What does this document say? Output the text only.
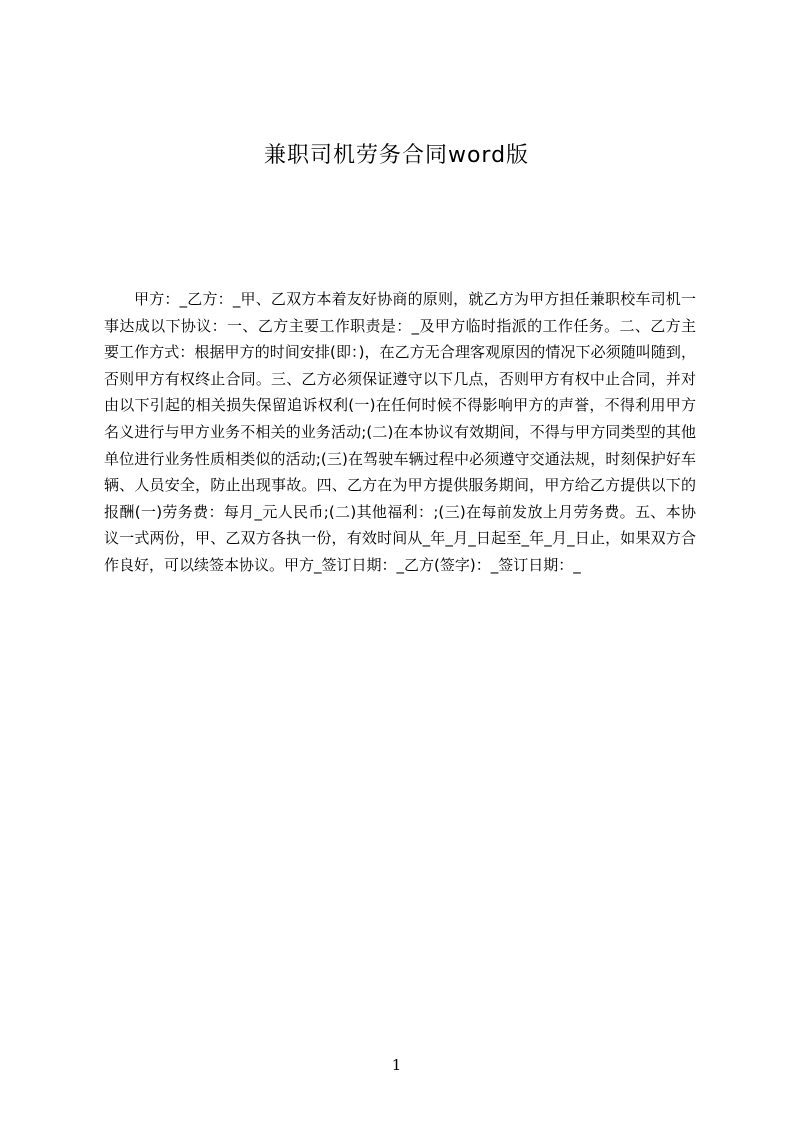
兼职司机劳务合同word版

甲方：_乙方：_甲、乙双方本着友好协商的原则，就乙方为甲方担任兼职校车司机一事达成以下协议：一、乙方主要工作职责是：_及甲方临时指派的工作任务。二、乙方主要工作方式：根据甲方的时间安排(即：)，在乙方无合理客观原因的情况下必须随叫随到，否则甲方有权终止合同。三、乙方必须保证遵守以下几点，否则甲方有权中止合同，并对由以下引起的相关损失保留追诉权利(一)在任何时候不得影响甲方的声誉，不得利用甲方名义进行与甲方业务不相关的业务活动;(二)在本协议有效期间，不得与甲方同类型的其他单位进行业务性质相类似的活动;(三)在驾驶车辆过程中必须遵守交通法规，时刻保护好车辆、人员安全，防止出现事故。四、乙方在为甲方提供服务期间，甲方给乙方提供以下的报酬(一)劳务费：每月_元人民币;(二)其他福利：;(三)在每前发放上月劳务费。五、本协议一式两份，甲、乙双方各执一份，有效时间从_年_月_日起至_年_月_日止，如果双方合作良好，可以续签本协议。甲方_签订日期：_乙方(签字)：_签订日期：_

1
